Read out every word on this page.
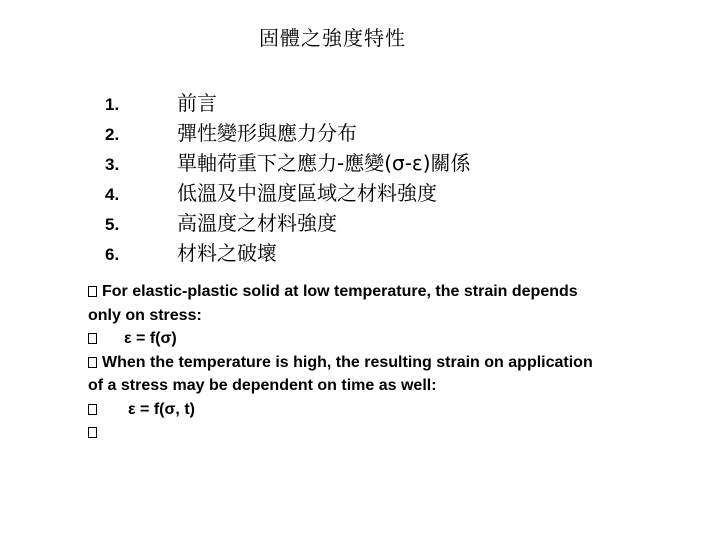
固體之強度特性
1.	前言
2.	彈性變形與應力分布
3.	單軸荷重下之應力-應變(σ-ε)關係
4.	低溫及中溫度區域之材料強度
5.	高溫度之材料強度
6.	材料之破壞
For elastic-plastic solid at low temperature, the strain depends
only on stress:
ε = f(σ)
When the temperature is high, the resulting strain on application
of a stress may be dependent on time as well:
ε = f(σ, t)
